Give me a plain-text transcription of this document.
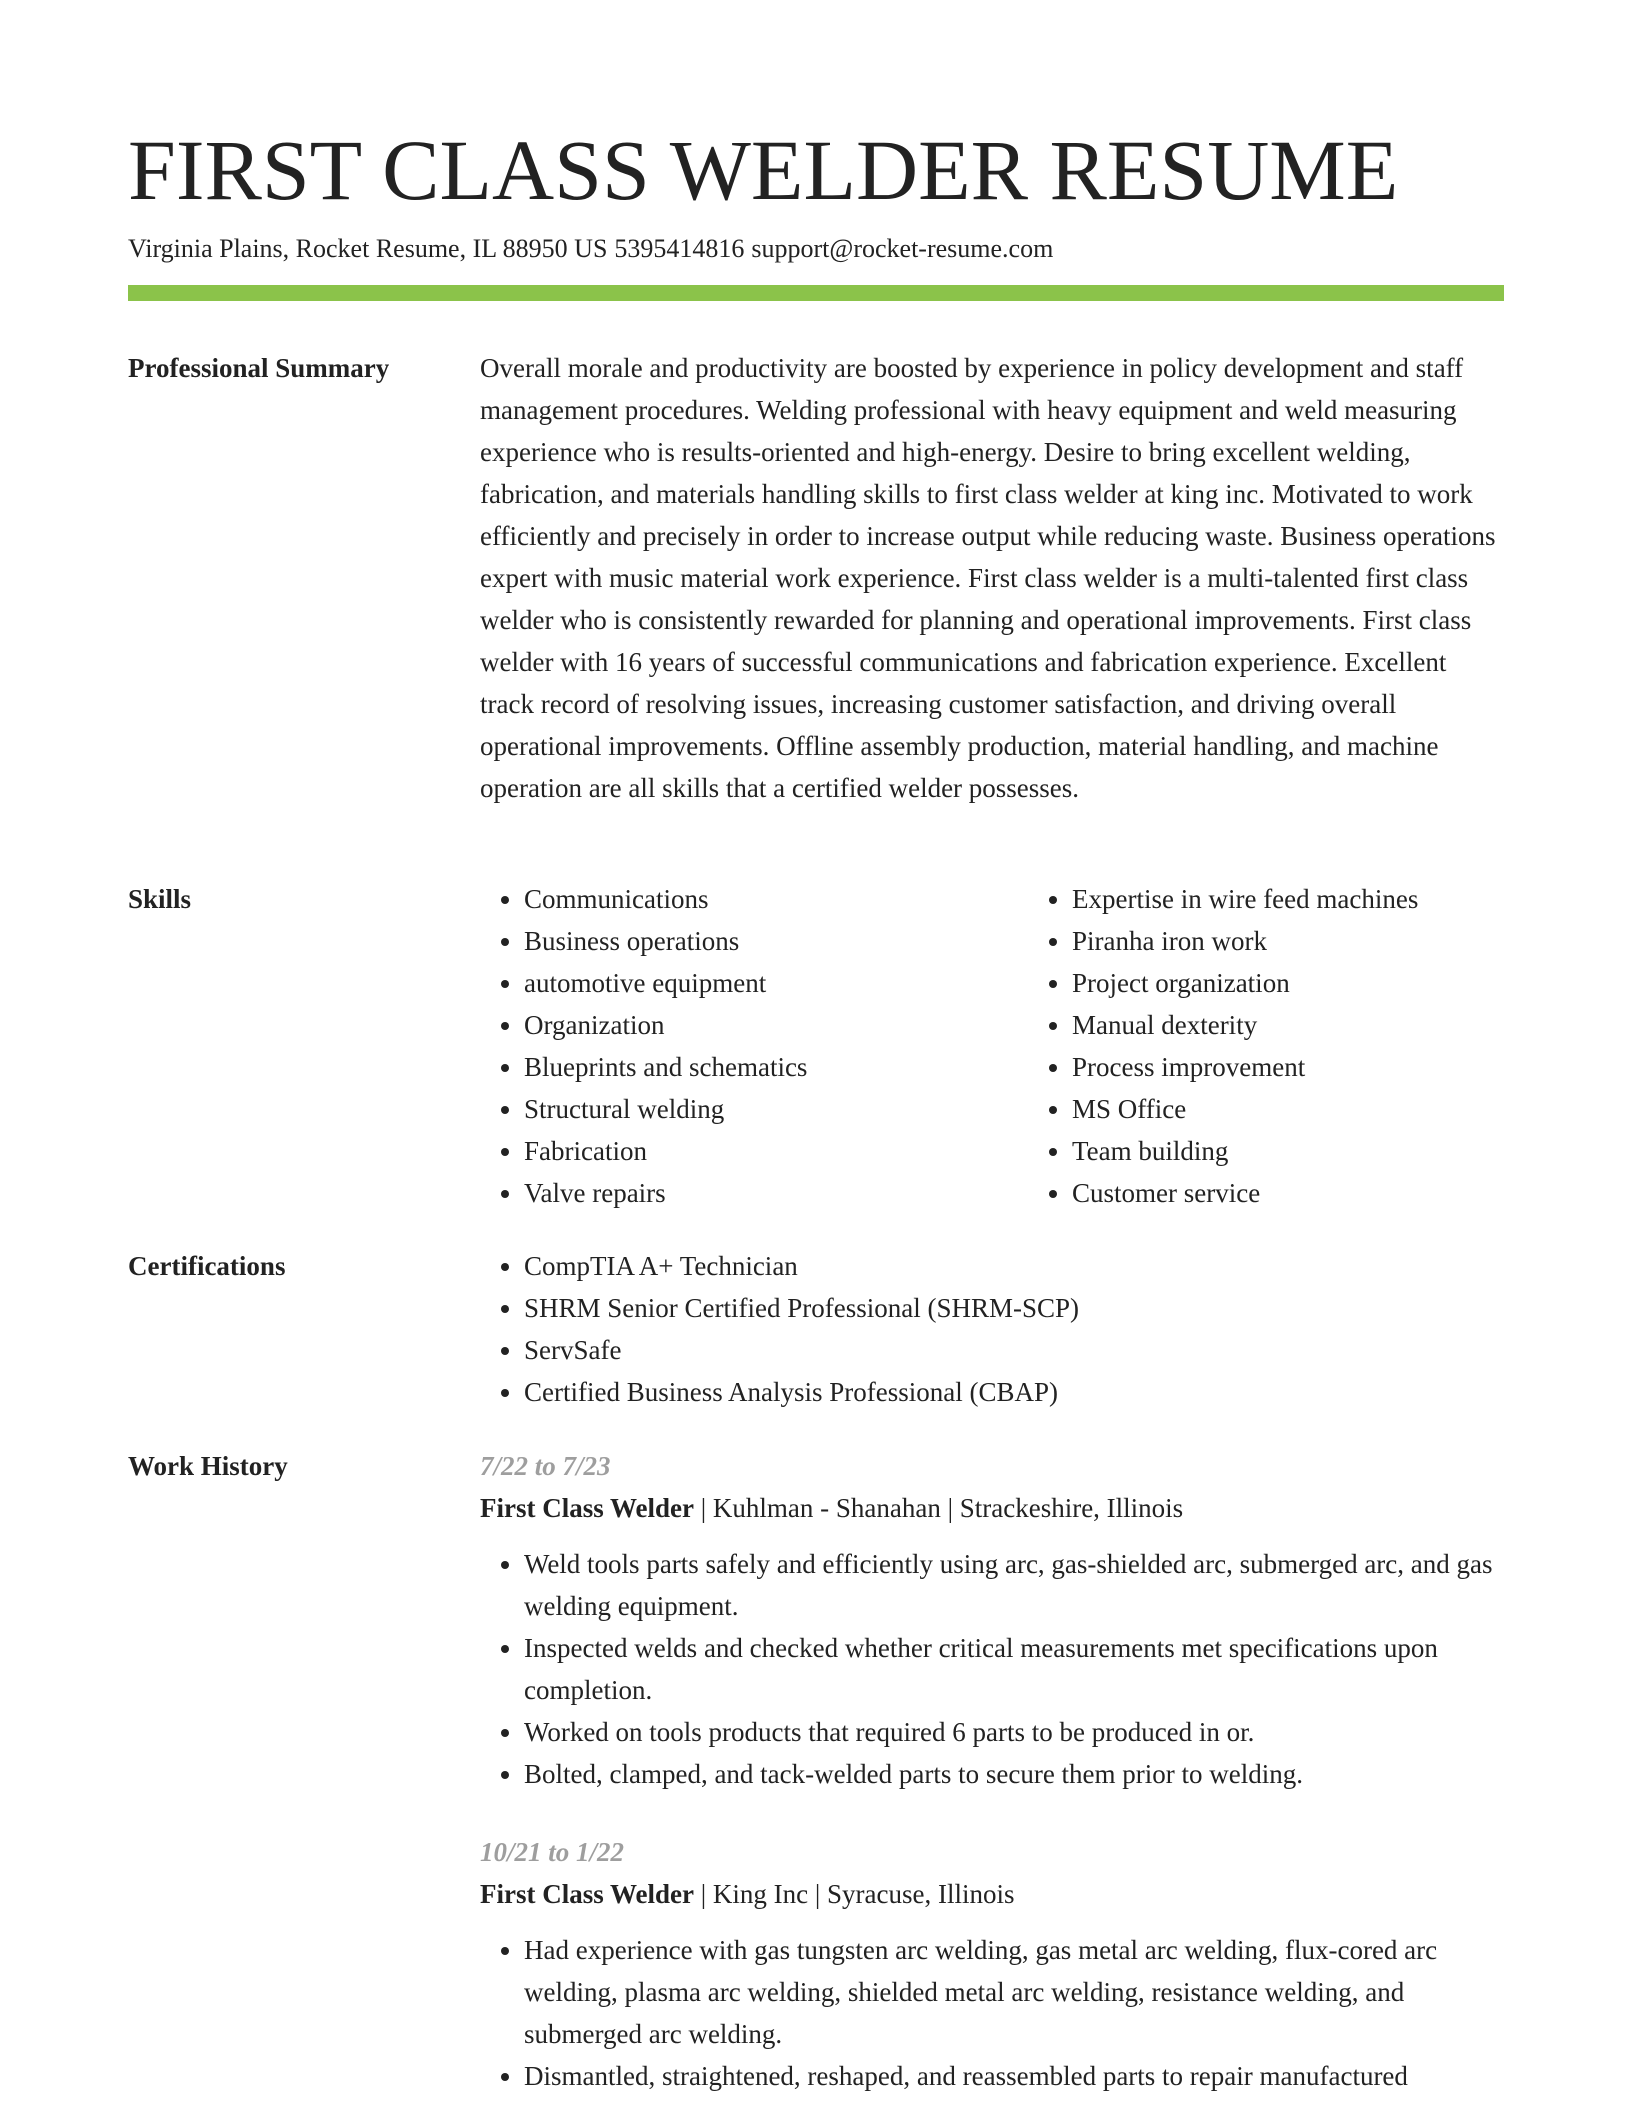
FIRST CLASS WELDER RESUME
Virginia Plains, Rocket Resume, IL 88950 US 5395414816 support@rocket-resume.com
Professional Summary	Overall morale and productivity are boosted by experience in policy development and staff management procedures. Welding professional with heavy equipment and weld measuring experience who is results-oriented and high-energy. Desire to bring excellent welding, fabrication, and materials handling skills to first class welder at king inc. Motivated to work efficiently and precisely in order to increase output while reducing waste. Business operations expert with music material work experience. First class welder is a multi-talented first class welder who is consistently rewarded for planning and operational improvements. First class welder with 16 years of successful communications and fabrication experience. Excellent track record of resolving issues, increasing customer satisfaction, and driving overall operational improvements. Offline assembly production, material handling, and machine operation are all skills that a certified welder possesses.

Skills	• Communications
• Business operations
• automotive equipment
• Organization
• Blueprints and schematics
• Structural welding
• Fabrication
• Valve repairs
• Expertise in wire feed machines
• Piranha iron work
• Project organization
• Manual dexterity
• Process improvement
• MS Office
• Team building
• Customer service
Certifications	• CompTIA A+ Technician
• SHRM Senior Certified Professional (SHRM-SCP)
• ServSafe
• Certified Business Analysis Professional (CBAP)
Work History	7/22 to 7/23
First Class Welder | Kuhlman - Shanahan | Strackeshire, Illinois
• Weld tools parts safely and efficiently using arc, gas-shielded arc, submerged arc, and gas welding equipment.
• Inspected welds and checked whether critical measurements met specifications upon completion.
• Worked on tools products that required 6 parts to be produced in or.
• Bolted, clamped, and tack-welded parts to secure them prior to welding.
10/21 to 1/22
First Class Welder | King Inc | Syracuse, Illinois
• Had experience with gas tungsten arc welding, gas metal arc welding, flux-cored arc welding, plasma arc welding, shielded metal arc welding, resistance welding, and submerged arc welding.
• Dismantled, straightened, reshaped, and reassembled parts to repair manufactured
